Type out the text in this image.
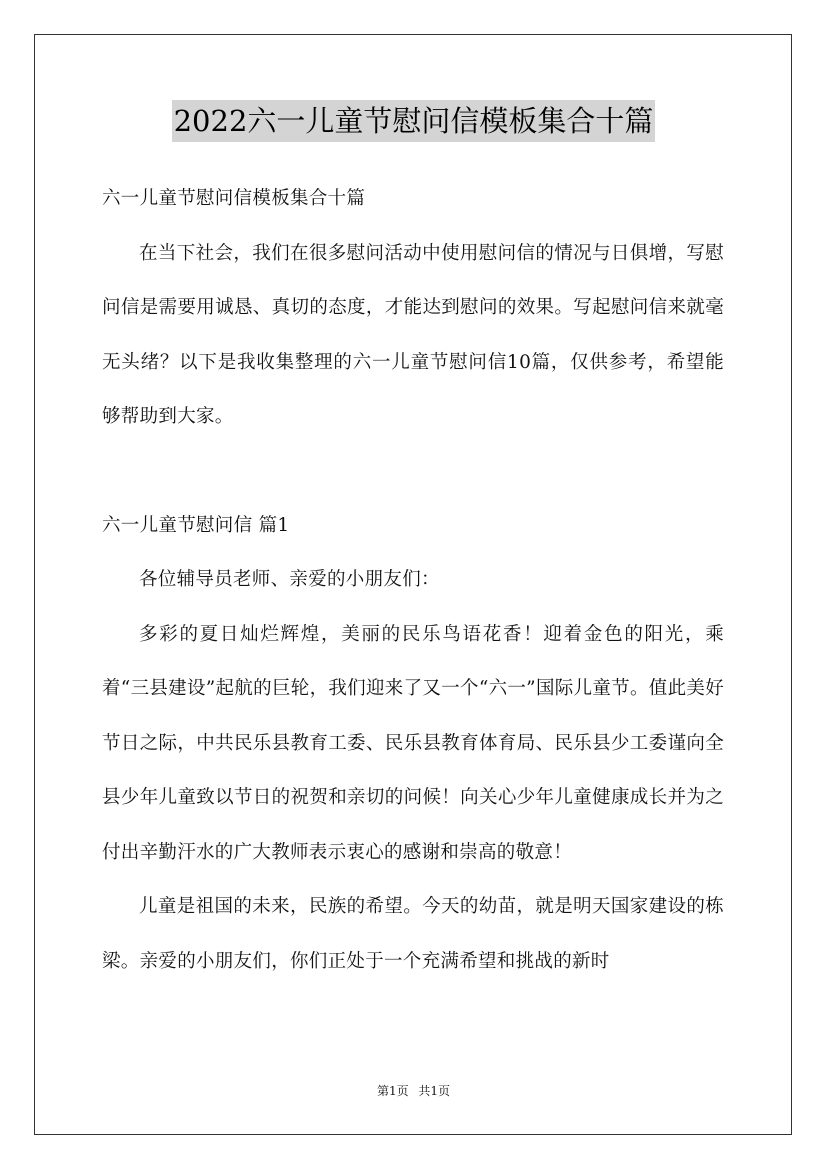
2022六一儿童节慰问信模板集合十篇

六一儿童节慰问信模板集合十篇

在当下社会，我们在很多慰问活动中使用慰问信的情况与日俱增，写慰问信是需要用诚恳、真切的态度，才能达到慰问的效果。写起慰问信来就毫无头绪？以下是我收集整理的六一儿童节慰问信10篇，仅供参考，希望能够帮助到大家。

六一儿童节慰问信 篇1

各位辅导员老师、亲爱的小朋友们：

多彩的夏日灿烂辉煌，美丽的民乐鸟语花香！迎着金色的阳光，乘着“三县建设”起航的巨轮，我们迎来了又一个“六一”国际儿童节。值此美好节日之际，中共民乐县教育工委、民乐县教育体育局、民乐县少工委谨向全县少年儿童致以节日的祝贺和亲切的问候！向关心少年儿童健康成长并为之付出辛勤汗水的广大教师表示衷心的感谢和崇高的敬意！

儿童是祖国的未来，民族的希望。今天的幼苗，就是明天国家建设的栋梁。亲爱的小朋友们，你们正处于一个充满希望和挑战的新时

第1页 共1页
